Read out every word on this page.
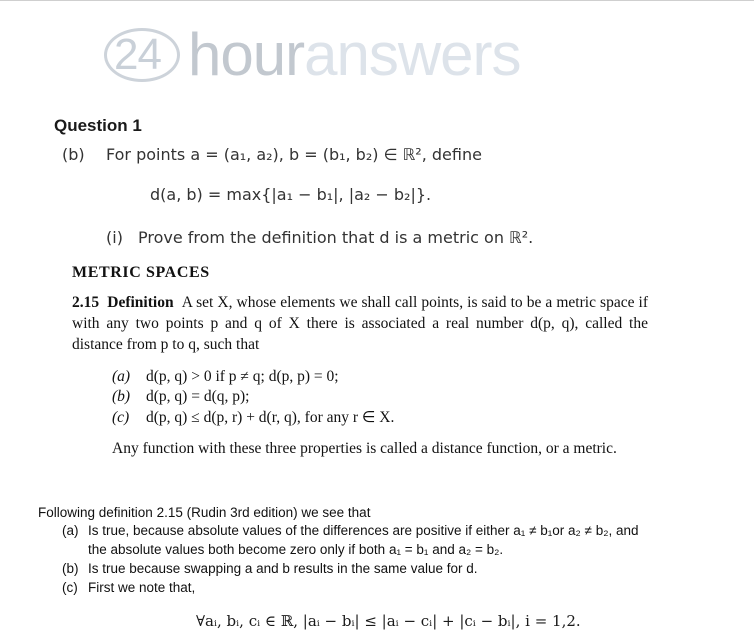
24 houranswers
Question 1
(b) For points a = (a₁, a₂), b = (b₁, b₂) ∈ ℝ², define
d(a, b) = max{|a₁ − b₁|, |a₂ − b₂|}.
(i) Prove from the definition that d is a metric on ℝ².
METRIC SPACES
2.15 Definition A set X, whose elements we shall call points, is said to be a metric space if with any two points p and q of X there is associated a real number d(p, q), called the distance from p to q, such that
(a) d(p, q) > 0 if p ≠ q; d(p, p) = 0;
(b) d(p, q) = d(q, p);
(c) d(p, q) ≤ d(p, r) + d(r, q), for any r ∈ X.
Any function with these three properties is called a distance function, or a metric.
Following definition 2.15 (Rudin 3rd edition) we see that
(a) Is true, because absolute values of the differences are positive if either a₁ ≠ b₁or a₂ ≠ b₂, and
the absolute values both become zero only if both a₁ = b₁ and a₂ = b₂.
(b) Is true because swapping a and b results in the same value for d.
(c) First we note that,
∀aᵢ, bᵢ, cᵢ ∈ ℝ, |aᵢ − bᵢ| ≤ |aᵢ − cᵢ| + |cᵢ − bᵢ|, i = 1,2.
